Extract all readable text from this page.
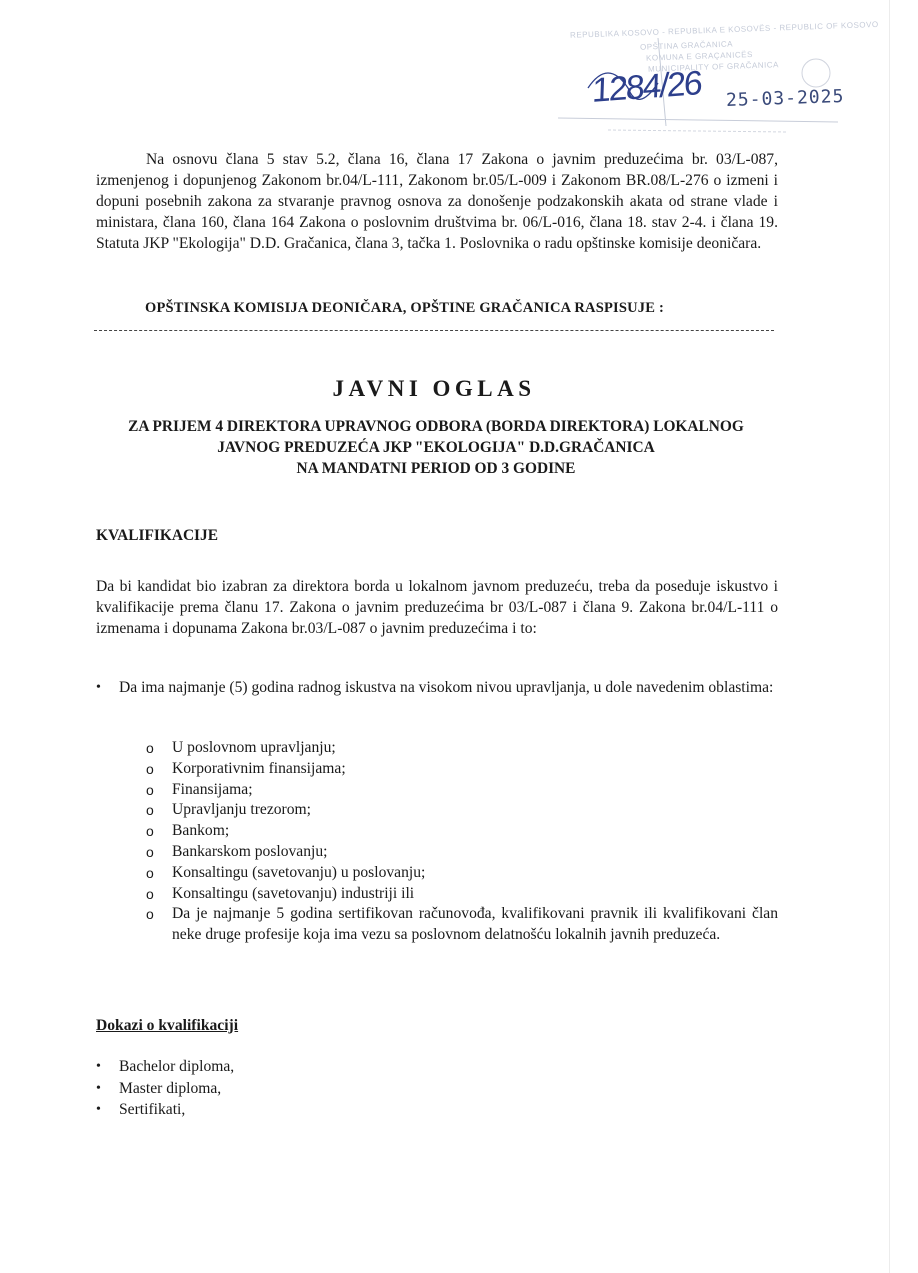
REPUBLIKA KOSOVO - REPUBLIKA E KOSOVËS - REPUBLIC OF KOSOVO
OPŠTINA GRAČANICA
KOMUNA E GRAÇANICËS
MUNICIPALITY OF GRAČANICA
1284/26 25-03-2025

Na osnovu člana 5 stav 5.2, člana 16, člana 17 Zakona o javnim preduzećima br. 03/L-087, izmenjenog i dopunjenog Zakonom br.04/L-111, Zakonom br.05/L-009 i Zakonom BR.08/L-276 o izmeni i dopuni posebnih zakona za stvaranje pravnog osnova za donošenje podzakonskih akata od strane vlade i ministara, člana 160, člana 164 Zakona o poslovnim društvima br. 06/L-016, člana 18. stav 2-4. i člana 19. Statuta JKP "Ekologija" D.D. Gračanica, člana 3, tačka 1. Poslovnika o radu opštinske komisije deoničara.

OPŠTINSKA KOMISIJA DEONIČARA, OPŠTINE GRAČANICA RASPISUJE :

JAVNI OGLAS
ZA PRIJEM 4 DIREKTORA UPRAVNOG ODBORA (BORDA DIREKTORA) LOKALNOG
JAVNOG PREDUZEĆA JKP "EKOLOGIJA" D.D.GRAČANICA
NA MANDATNI PERIOD OD 3 GODINE
KVALIFIKACIJE

Da bi kandidat bio izabran za direktora borda u lokalnom javnom preduzeću, treba da poseduje iskustvo i kvalifikacije prema članu 17. Zakona o javnim preduzećima br 03/L-087 i člana 9. Zakona br.04/L-111 o izmenama i dopunama Zakona br.03/L-087 o javnim preduzećima i to:

•	Da ima najmanje (5) godina radnog iskustva na visokom nivou upravljanja, u dole navedenim oblastima:
o U poslovnom upravljanju;
o Korporativnim finansijama;
o Finansijama;
o Upravljanju trezorom;
o Bankom;
o Bankarskom poslovanju;
o Konsaltingu (savetovanju) u poslovanju;
o Konsaltingu (savetovanju) industriji ili
o Da je najmanje 5 godina sertifikovan računovođa, kvalifikovani pravnik ili kvalifikovani član neke druge profesije koja ima vezu sa poslovnom delatnošću lokalnih javnih preduzeća.
Dokazi o kvalifikaciji
• Bachelor diploma,
• Master diploma,
• Sertifikati,
